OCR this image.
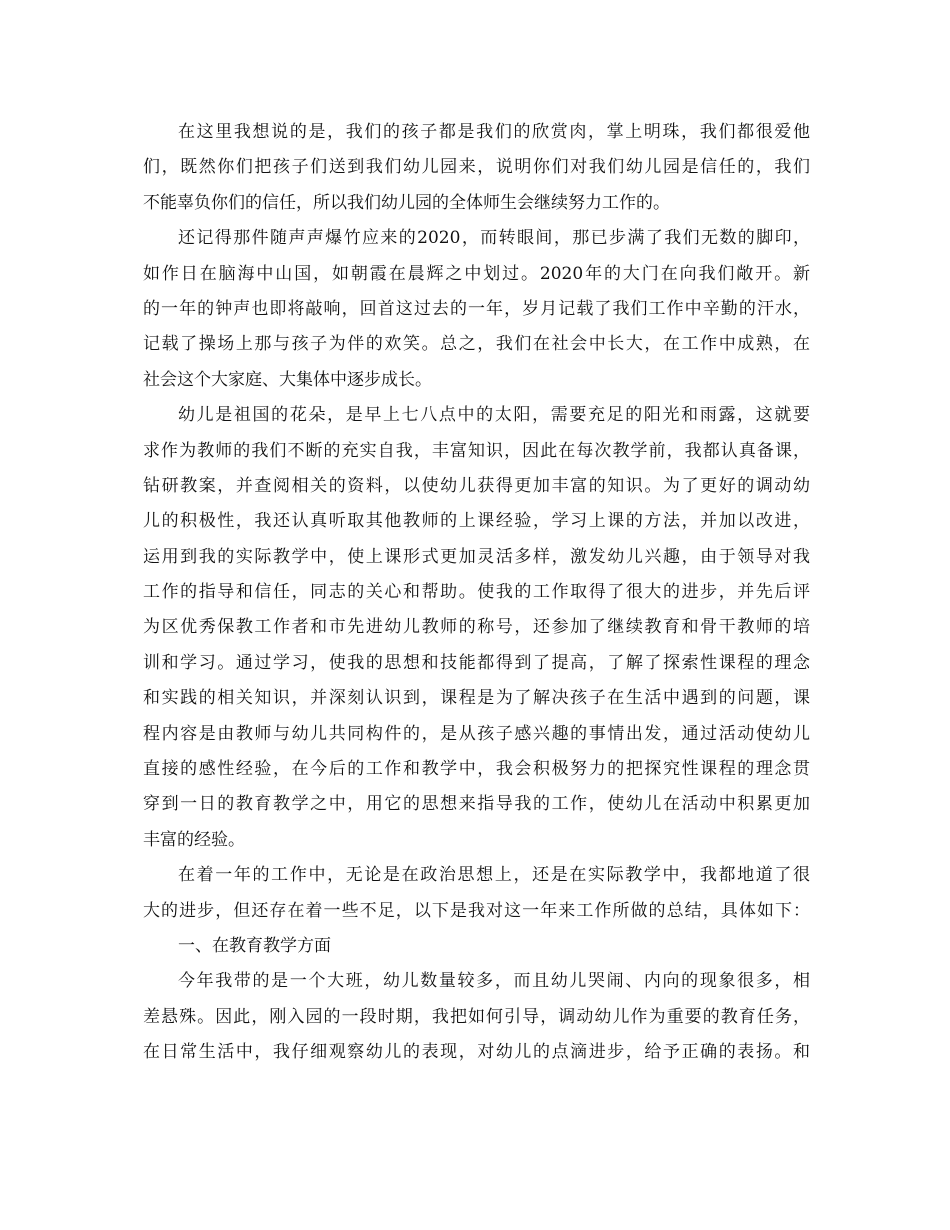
在这里我想说的是，我们的孩子都是我们的欣赏肉，掌上明珠，我们都很爱他
们，既然你们把孩子们送到我们幼儿园来，说明你们对我们幼儿园是信任的，我们
不能辜负你们的信任，所以我们幼儿园的全体师生会继续努力工作的。
还记得那件随声声爆竹应来的2020，而转眼间，那已步满了我们无数的脚印，
如作日在脑海中山国，如朝霞在晨辉之中划过。2020年的大门在向我们敞开。新
的一年的钟声也即将敲响，回首这过去的一年，岁月记载了我们工作中辛勤的汗水，
记载了操场上那与孩子为伴的欢笑。总之，我们在社会中长大，在工作中成熟，在
社会这个大家庭、大集体中逐步成长。
幼儿是祖国的花朵，是早上七八点中的太阳，需要充足的阳光和雨露，这就要
求作为教师的我们不断的充实自我，丰富知识，因此在每次教学前，我都认真备课，
钻研教案，并查阅相关的资料，以使幼儿获得更加丰富的知识。为了更好的调动幼
儿的积极性，我还认真听取其他教师的上课经验，学习上课的方法，并加以改进，
运用到我的实际教学中，使上课形式更加灵活多样，激发幼儿兴趣，由于领导对我
工作的指导和信任，同志的关心和帮助。使我的工作取得了很大的进步，并先后评
为区优秀保教工作者和市先进幼儿教师的称号，还参加了继续教育和骨干教师的培
训和学习。通过学习，使我的思想和技能都得到了提高，了解了探索性课程的理念
和实践的相关知识，并深刻认识到，课程是为了解决孩子在生活中遇到的问题，课
程内容是由教师与幼儿共同构件的，是从孩子感兴趣的事情出发，通过活动使幼儿
直接的感性经验，在今后的工作和教学中，我会积极努力的把探究性课程的理念贯
穿到一日的教育教学之中，用它的思想来指导我的工作，使幼儿在活动中积累更加
丰富的经验。
在着一年的工作中，无论是在政治思想上，还是在实际教学中，我都地道了很
大的进步，但还存在着一些不足，以下是我对这一年来工作所做的总结，具体如下：
一、在教育教学方面
今年我带的是一个大班，幼儿数量较多，而且幼儿哭闹、内向的现象很多，相
差悬殊。因此，刚入园的一段时期，我把如何引导，调动幼儿作为重要的教育任务，
在日常生活中，我仔细观察幼儿的表现，对幼儿的点滴进步，给予正确的表扬。和
